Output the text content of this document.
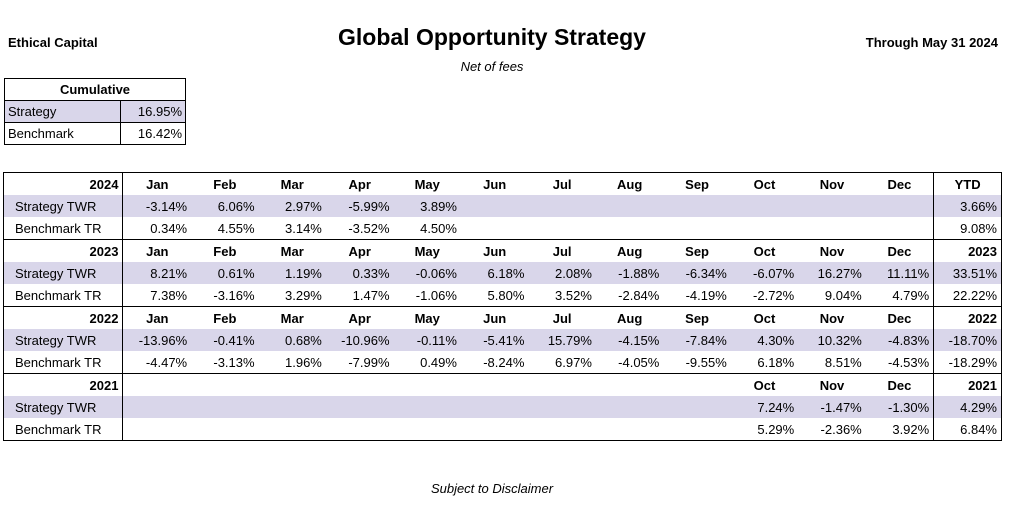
Ethical Capital	Global Opportunity Strategy
Net of fees
Through May 31 2024
Cumulative	
Strategy	16.95%
Benchmark	16.42%
2024	Jan	Feb	Mar	Apr	May	Jun	Jul	Aug	Sep	Oct	Nov	Dec	YTD
Strategy TWR	-3.14%	6.06%	2.97%	-5.99%	3.89%								3.66%
Benchmark TR	0.34%	4.55%	3.14%	-3.52%	4.50%								9.08%
2023	Jan	Feb	Mar	Apr	May	Jun	Jul	Aug	Sep	Oct	Nov	Dec	2023
Strategy TWR	8.21%	0.61%	1.19%	0.33%	-0.06%	6.18%	2.08%	-1.88%	-6.34%	-6.07%	16.27%	11.11%	33.51%
Benchmark TR	7.38%	-3.16%	3.29%	1.47%	-1.06%	5.80%	3.52%	-2.84%	-4.19%	-2.72%	9.04%	4.79%	22.22%
2022	Jan	Feb	Mar	Apr	May	Jun	Jul	Aug	Sep	Oct	Nov	Dec	2022
Strategy TWR	-13.96%	-0.41%	0.68%	-10.96%	-0.11%	-5.41%	15.79%	-4.15%	-7.84%	4.30%	10.32%	-4.83%	-18.70%
Benchmark TR	-4.47%	-3.13%	1.96%	-7.99%	0.49%	-8.24%	6.97%	-4.05%	-9.55%	6.18%	8.51%	-4.53%	-18.29%
2021										Oct	Nov	Dec	2021
Strategy TWR										7.24%	-1.47%	-1.30%	4.29%
Benchmark TR										5.29%	-2.36%	3.92%	6.84%
Subject to Disclaimer
